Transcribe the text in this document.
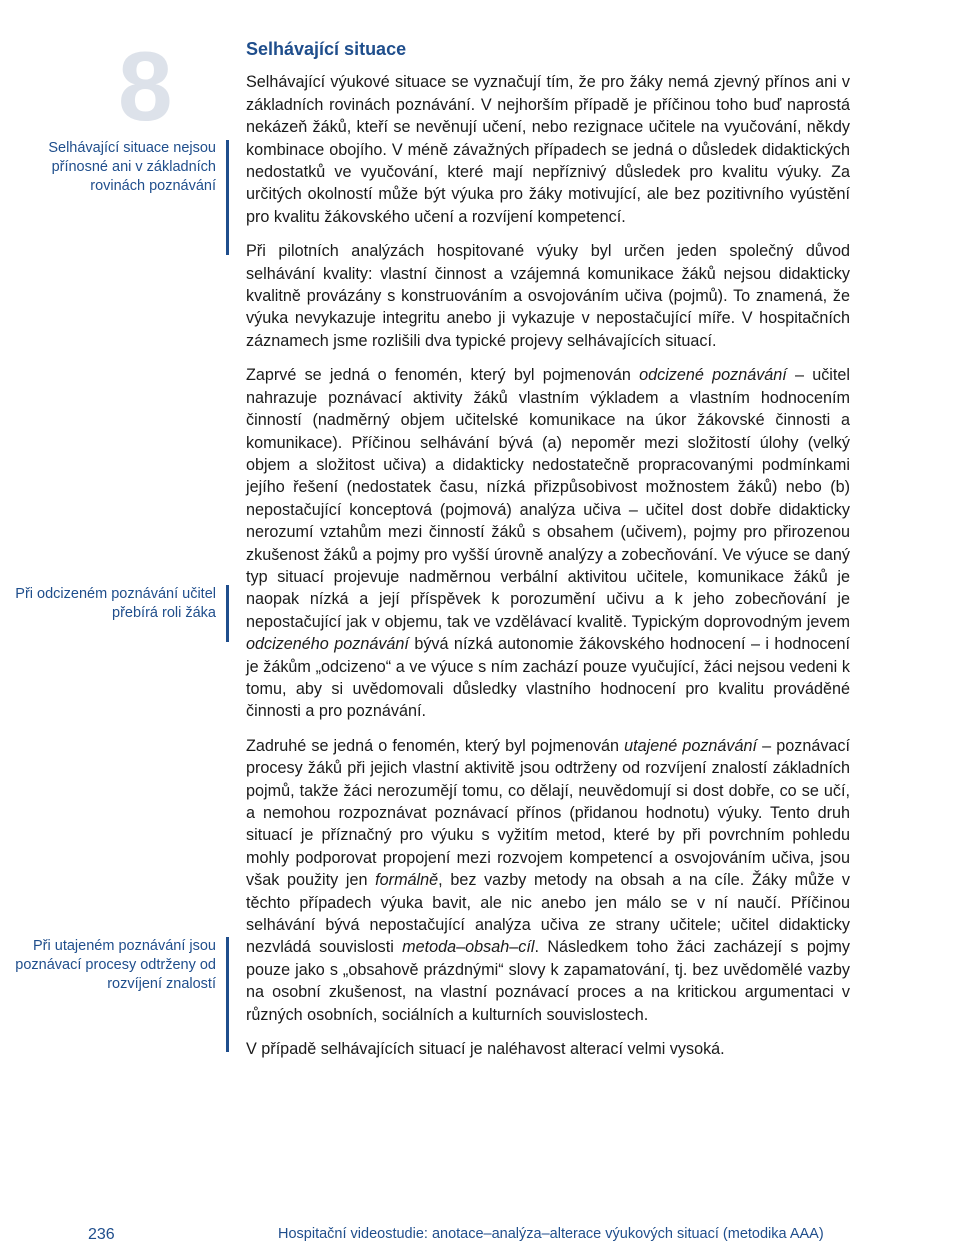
8
Selhávající situace nejsou přínosné ani v základních rovinách poznávání
Při odcizeném poznávání učitel přebírá roli žáka
Při utajeném poznávání jsou poznávací procesy odtrženy od rozvíjení znalostí
Selhávající situace

Selhávající výukové situace se vyznačují tím, že pro žáky nemá zjevný přínos ani v základních rovinách poznávání. V nejhorším případě je příčinou toho buď naprostá nekázeň žáků, kteří se nevěnují učení, nebo rezignace učitele na vyučování, někdy kombinace obojího. V méně závažných případech se jedná o důsledek didaktických nedostatků ve vyučování, které mají nepříznivý důsledek pro kvalitu výuky. Za určitých okolností může být výuka pro žáky motivující, ale bez pozitivního vyústění pro kvalitu žákovského učení a rozvíjení kompetencí.

Při pilotních analýzách hospitované výuky byl určen jeden společný důvod selhávání kvality: vlastní činnost a vzájemná komunikace žáků nejsou didakticky kvalitně provázány s konstruováním a osvojováním učiva (pojmů). To znamená, že výuka nevykazuje integritu anebo ji vykazuje v nepostačující míře. V hospitačních záznamech jsme rozlišili dva typické projevy selhávajících situací.

Zaprvé se jedná o fenomén, který byl pojmenován odcizené poznávání – učitel nahrazuje poznávací aktivity žáků vlastním výkladem a vlastním hodnocením činností (nadměrný objem učitelské komunikace na úkor žákovské činnosti a komunikace). Příčinou selhávání bývá (a) nepoměr mezi složitostí úlohy (velký objem a složitost učiva) a didakticky nedostatečně propracovanými podmínkami jejího řešení (nedostatek času, nízká přizpůsobivost možnostem žáků) nebo (b) nepostačující konceptová (pojmová) analýza učiva – učitel dost dobře didakticky nerozumí vztahům mezi činností žáků s obsahem (učivem), pojmy pro přirozenou zkušenost žáků a pojmy pro vyšší úrovně analýzy a zobecňování. Ve výuce se daný typ situací projevuje nadměrnou verbální aktivitou učitele, komunikace žáků je naopak nízká a její příspěvek k porozumění učivu a k jeho zobecňování je nepostačující jak v objemu, tak ve vzdělávací kvalitě. Typickým doprovodným jevem odcizeného poznávání bývá nízká autonomie žákovského hodnocení – i hodnocení je žákům „odcizeno“ a ve výuce s ním zachází pouze vyučující, žáci nejsou vedeni k tomu, aby si uvědomovali důsledky vlastního hodnocení pro kvalitu prováděné činnosti a pro poznávání.

Zadruhé se jedná o fenomén, který byl pojmenován utajené poznávání – poznávací procesy žáků při jejich vlastní aktivitě jsou odtrženy od rozvíjení znalostí základních pojmů, takže žáci nerozumějí tomu, co dělají, neuvědomují si dost dobře, co se učí, a nemohou rozpoznávat poznávací přínos (přidanou hodnotu) výuky. Tento druh situací je příznačný pro výuku s vyžitím metod, které by při povrchním pohledu mohly podporovat propojení mezi rozvojem kompetencí a osvojováním učiva, jsou však použity jen formálně, bez vazby metody na obsah a na cíle. Žáky může v těchto případech výuka bavit, ale nic anebo jen málo se v ní naučí. Příčinou selhávání bývá nepostačující analýza učiva ze strany učitele; učitel didakticky nezvládá souvislosti metoda–obsah–cíl. Následkem toho žáci zacházejí s pojmy pouze jako s „obsahově prázdnými“ slovy k zapamatování, tj. bez uvědomělé vazby na osobní zkušenost, na vlastní poznávací proces a na kritickou argumentaci v různých osobních, sociálních a kulturních souvislostech.

V případě selhávajících situací je naléhavost alterací velmi vysoká.

236	Hospitační videostudie: anotace–analýza–alterace výukových situací (metodika AAA)
